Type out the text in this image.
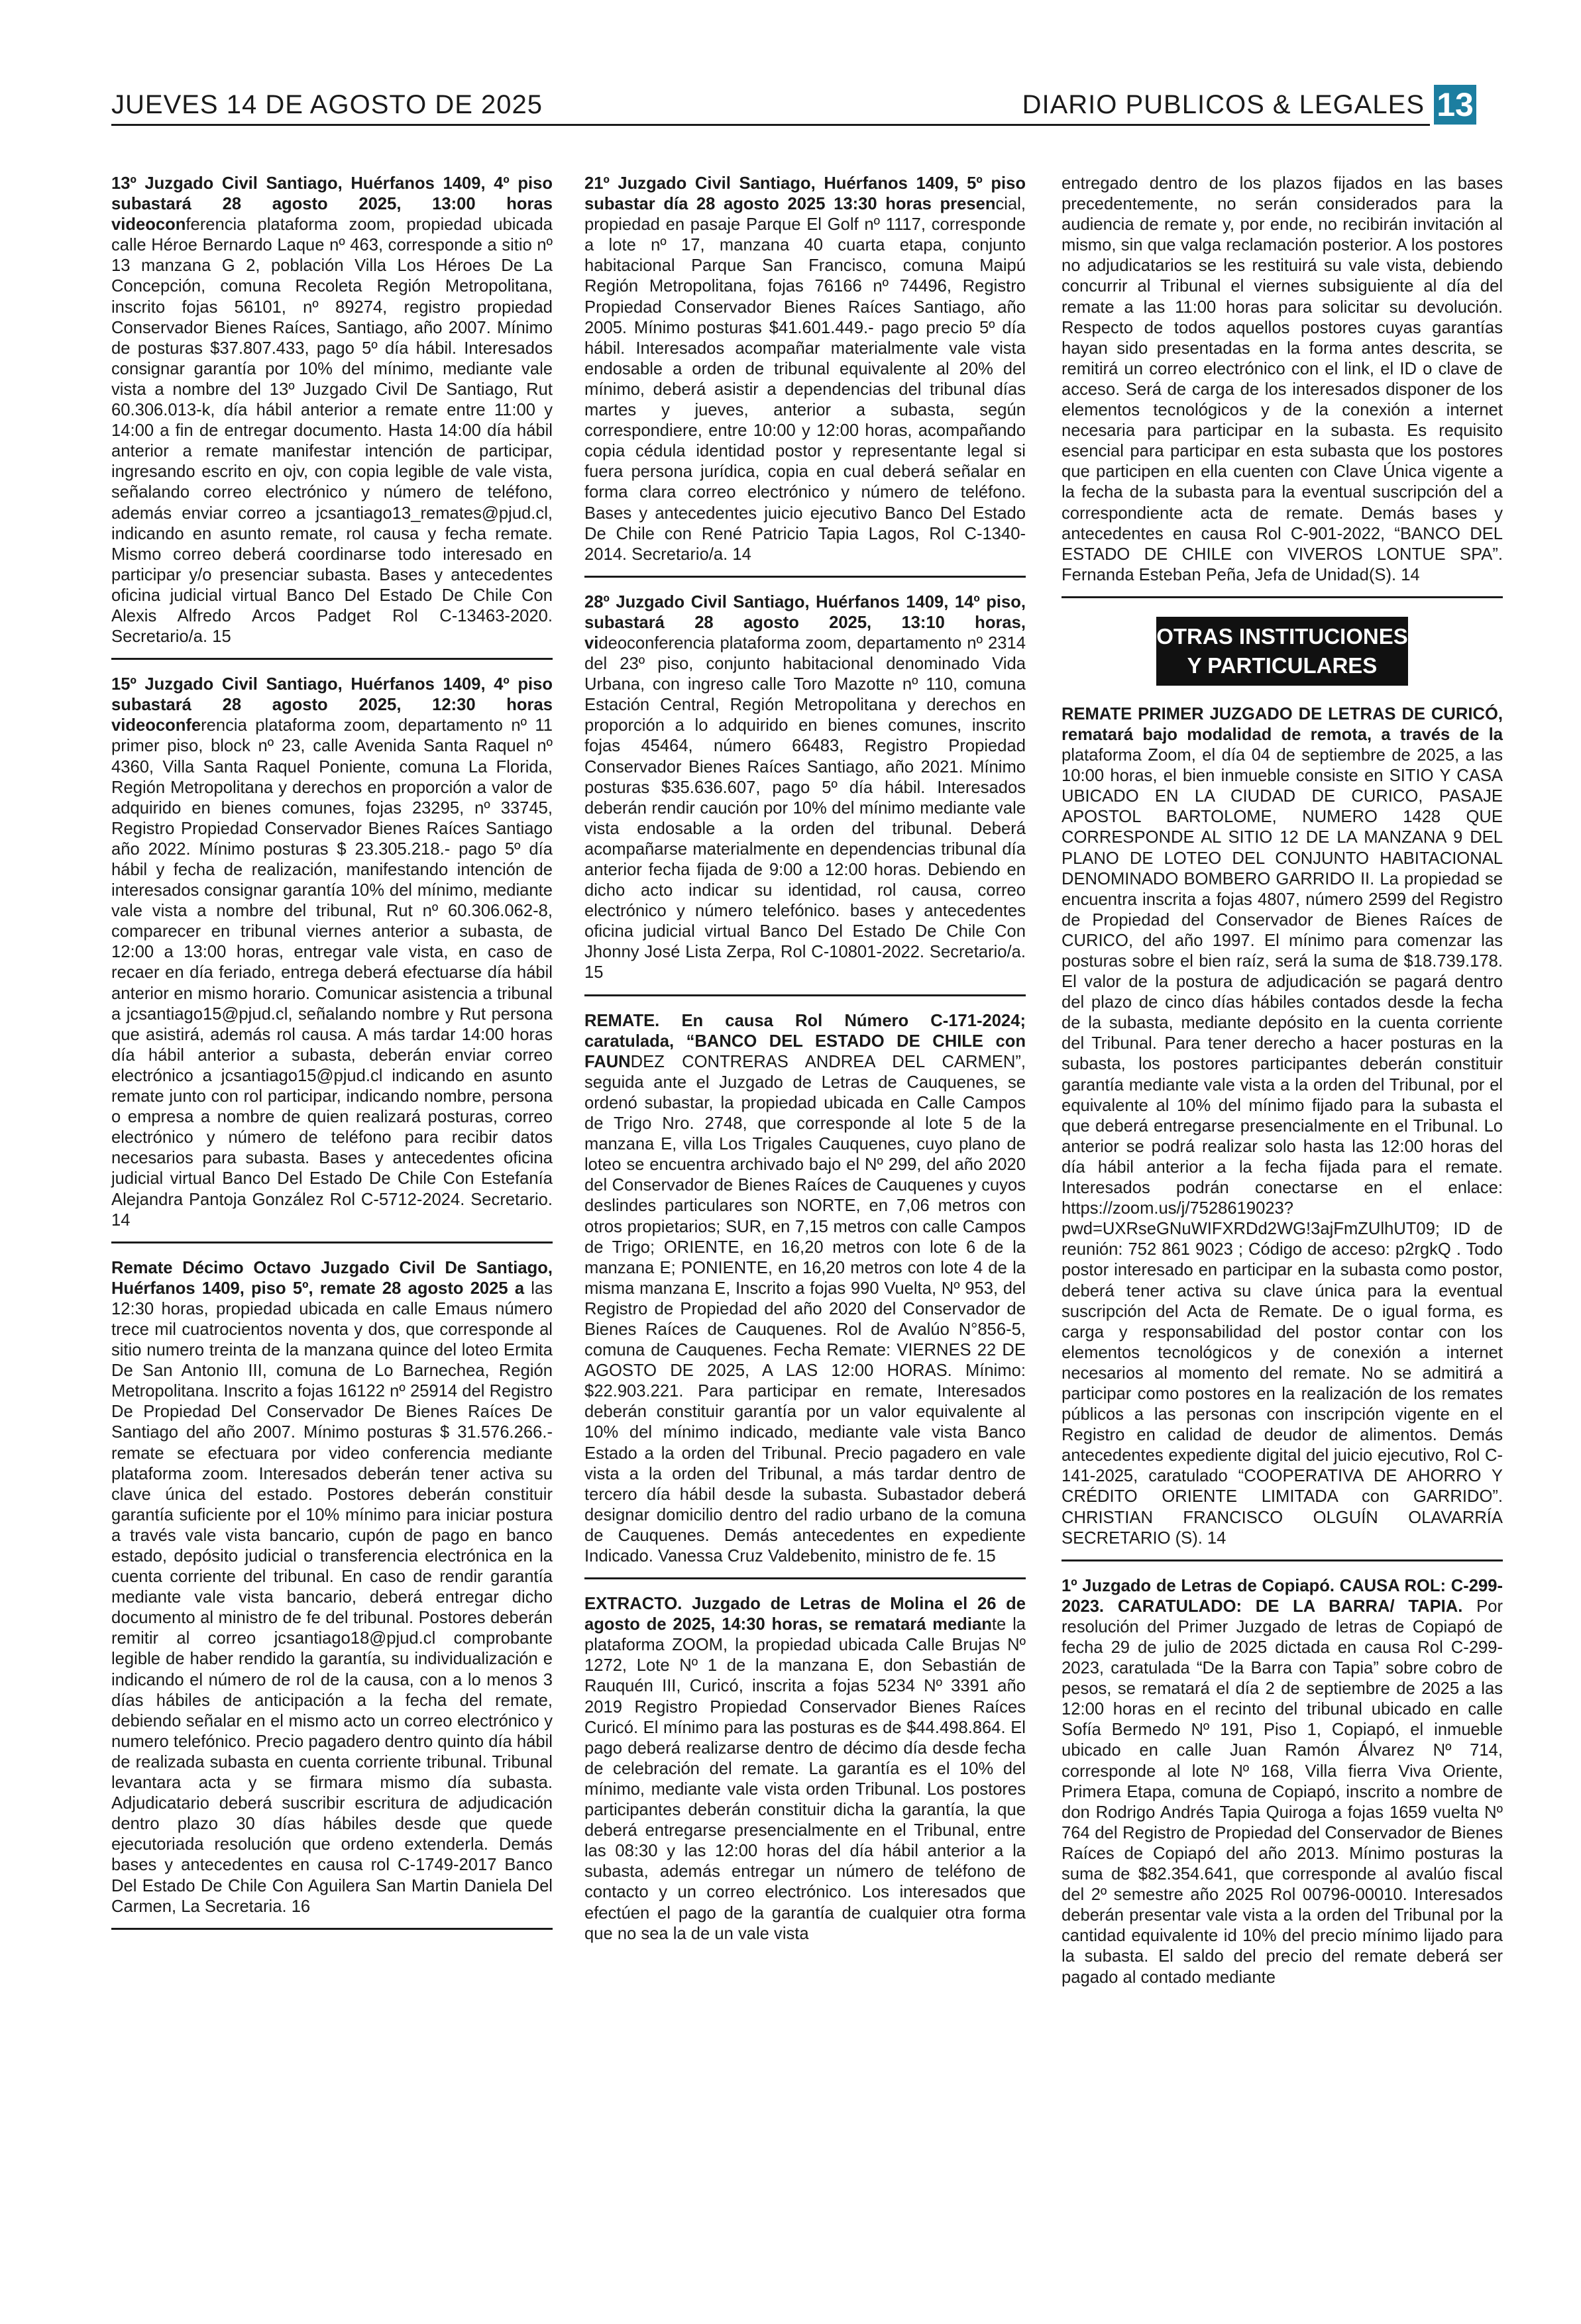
JUEVES 14 DE AGOSTO DE 2025	DIARIO PUBLICOS & LEGALES 13

13º Juzgado Civil Santiago, Huérfanos 1409, 4º piso subastará 28 agosto 2025, 13:00 horas videoconferencia plataforma zoom, propiedad ubicada calle Héroe Bernardo Laque nº 463, corresponde a sitio nº 13 manzana G 2, población Villa Los Héroes De La Concepción, comuna Recoleta Región Metropolitana, inscrito fojas 56101, nº 89274, registro propiedad Conservador Bienes Raíces, Santiago, año 2007. Mínimo de posturas $37.807.433, pago 5º día hábil. Interesados consignar garantía por 10% del mínimo, mediante vale vista a nombre del 13º Juzgado Civil De Santiago, Rut 60.306.013-k, día hábil anterior a remate entre 11:00 y 14:00 a fin de entregar documento. Hasta 14:00 día hábil anterior a remate manifestar intención de participar, ingresando escrito en ojv, con copia legible de vale vista, señalando correo electrónico y número de teléfono, además enviar correo a jcsantiago13_remates@pjud.cl, indicando en asunto remate, rol causa y fecha remate. Mismo correo deberá coordinarse todo interesado en participar y/o presenciar subasta. Bases y antecedentes oficina judicial virtual Banco Del Estado De Chile Con Alexis Alfredo Arcos Padget Rol C-13463-2020. Secretario/a. 15

15º Juzgado Civil Santiago, Huérfanos 1409, 4º piso subastará 28 agosto 2025, 12:30 horas videoconferencia plataforma zoom, departamento nº 11 primer piso, block nº 23, calle Avenida Santa Raquel nº 4360, Villa Santa Raquel Poniente, comuna La Florida, Región Metropolitana y derechos en proporción a valor de adquirido en bienes comunes, fojas 23295, nº 33745, Registro Propiedad Conservador Bienes Raíces Santiago año 2022. Mínimo posturas $ 23.305.218.- pago 5º día hábil y fecha de realización, manifestando intención de interesados consignar garantía 10% del mínimo, mediante vale vista a nombre del tribunal, Rut nº 60.306.062-8, comparecer en tribunal viernes anterior a subasta, de 12:00 a 13:00 horas, entregar vale vista, en caso de recaer en día feriado, entrega deberá efectuarse día hábil anterior en mismo horario. Comunicar asistencia a tribunal a jcsantiago15@pjud.cl, señalando nombre y Rut persona que asistirá, además rol causa. A más tardar 14:00 horas día hábil anterior a subasta, deberán enviar correo electrónico a jcsantiago15@pjud.cl indicando en asunto remate junto con rol participar, indicando nombre, persona o empresa a nombre de quien realizará posturas, correo electrónico y número de teléfono para recibir datos necesarios para subasta. Bases y antecedentes oficina judicial virtual Banco Del Estado De Chile Con Estefanía Alejandra Pantoja González Rol C-5712-2024. Secretario. 14

Remate Décimo Octavo Juzgado Civil De Santiago, Huérfanos 1409, piso 5º, remate 28 agosto 2025 a las 12:30 horas, propiedad ubicada en calle Emaus número trece mil cuatrocientos noventa y dos, que corresponde al sitio numero treinta de la manzana quince del loteo Ermita De San Antonio III, comuna de Lo Barnechea, Región Metropolitana. Inscrito a fojas 16122 nº 25914 del Registro De Propiedad Del Conservador De Bienes Raíces De Santiago del año 2007. Mínimo posturas $ 31.576.266.- remate se efectuara por video conferencia mediante plataforma zoom. Interesados deberán tener activa su clave única del estado. Postores deberán constituir garantía suficiente por el 10% mínimo para iniciar postura a través vale vista bancario, cupón de pago en banco estado, depósito judicial o transferencia electrónica en la cuenta corriente del tribunal. En caso de rendir garantía mediante vale vista bancario, deberá entregar dicho documento al ministro de fe del tribunal. Postores deberán remitir al correo jcsantiago18@pjud.cl comprobante legible de haber rendido la garantía, su individualización e indicando el número de rol de la causa, con a lo menos 3 días hábiles de anticipación a la fecha del remate, debiendo señalar en el mismo acto un correo electrónico y numero telefónico. Precio pagadero dentro quinto día hábil de realizada subasta en cuenta corriente tribunal. Tribunal levantara acta y se firmara mismo día subasta. Adjudicatario deberá suscribir escritura de adjudicación dentro plazo 30 días hábiles desde que quede ejecutoriada resolución que ordeno extenderla. Demás bases y antecedentes en causa rol C-1749-2017 Banco Del Estado De Chile Con Aguilera San Martin Daniela Del Carmen, La Secretaria. 16

21º Juzgado Civil Santiago, Huérfanos 1409, 5º piso subastar día 28 agosto 2025 13:30 horas presencial, propiedad en pasaje Parque El Golf nº 1117, corresponde a lote nº 17, manzana 40 cuarta etapa, conjunto habitacional Parque San Francisco, comuna Maipú Región Metropolitana, fojas 76166 nº 74496, Registro Propiedad Conservador Bienes Raíces Santiago, año 2005. Mínimo posturas $41.601.449.- pago precio 5º día hábil. Interesados acompañar materialmente vale vista endosable a orden de tribunal equivalente al 20% del mínimo, deberá asistir a dependencias del tribunal días martes y jueves, anterior a subasta, según correspondiere, entre 10:00 y 12:00 horas, acompañando copia cédula identidad postor y representante legal si fuera persona jurídica, copia en cual deberá señalar en forma clara correo electrónico y número de teléfono. Bases y antecedentes juicio ejecutivo Banco Del Estado De Chile con René Patricio Tapia Lagos, Rol C-1340-2014. Secretario/a. 14

28º Juzgado Civil Santiago, Huérfanos 1409, 14º piso, subastará 28 agosto 2025, 13:10 horas, videoconferencia plataforma zoom, departamento nº 2314 del 23º piso, conjunto habitacional denominado Vida Urbana, con ingreso calle Toro Mazotte nº 110, comuna Estación Central, Región Metropolitana y derechos en proporción a lo adquirido en bienes comunes, inscrito fojas 45464, número 66483, Registro Propiedad Conservador Bienes Raíces Santiago, año 2021. Mínimo posturas $35.636.607, pago 5º día hábil. Interesados deberán rendir caución por 10% del mínimo mediante vale vista endosable a la orden del tribunal. Deberá acompañarse materialmente en dependencias tribunal día anterior fecha fijada de 9:00 a 12:00 horas. Debiendo en dicho acto indicar su identidad, rol causa, correo electrónico y número telefónico. bases y antecedentes oficina judicial virtual Banco Del Estado De Chile Con Jhonny José Lista Zerpa, Rol C-10801-2022. Secretario/a. 15

REMATE. En causa Rol Número C-171-2024; caratulada, “BANCO DEL ESTADO DE CHILE con FAUNDEZ CONTRERAS ANDREA DEL CARMEN”, seguida ante el Juzgado de Letras de Cauquenes, se ordenó subastar, la propiedad ubicada en Calle Campos de Trigo Nro. 2748, que corresponde al lote 5 de la manzana E, villa Los Trigales Cauquenes, cuyo plano de loteo se encuentra archivado bajo el Nº 299, del año 2020 del Conservador de Bienes Raíces de Cauquenes y cuyos deslindes particulares son NORTE, en 7,06 metros con otros propietarios; SUR, en 7,15 metros con calle Campos de Trigo; ORIENTE, en 16,20 metros con lote 6 de la manzana E; PONIENTE, en 16,20 metros con lote 4 de la misma manzana E, Inscrito a fojas 990 Vuelta, Nº 953, del Registro de Propiedad del año 2020 del Conservador de Bienes Raíces de Cauquenes. Rol de Avalúo N°856-5, comuna de Cauquenes. Fecha Remate: VIERNES 22 DE AGOSTO DE 2025, A LAS 12:00 HORAS. Mínimo: $22.903.221. Para participar en remate, Interesados deberán constituir garantía por un valor equivalente al 10% del mínimo indicado, mediante vale vista Banco Estado a la orden del Tribunal. Precio pagadero en vale vista a la orden del Tribunal, a más tardar dentro de tercero día hábil desde la subasta. Subastador deberá designar domicilio dentro del radio urbano de la comuna de Cauquenes. Demás antecedentes en expediente Indicado. Vanessa Cruz Valdebenito, ministro de fe. 15

EXTRACTO. Juzgado de Letras de Molina el 26 de agosto de 2025, 14:30 horas, se rematará mediante la plataforma ZOOM, la propiedad ubicada Calle Brujas Nº 1272, Lote Nº 1 de la manzana E, don Sebastián de Rauquén III, Curicó, inscrita a fojas 5234 Nº 3391 año 2019 Registro Propiedad Conservador Bienes Raíces Curicó. El mínimo para las posturas es de $44.498.864. El pago deberá realizarse dentro de décimo día desde fecha de celebración del remate. La garantía es el 10% del mínimo, mediante vale vista orden Tribunal. Los postores participantes deberán constituir dicha la garantía, la que deberá entregarse presencialmente en el Tribunal, entre las 08:30 y las 12:00 horas del día hábil anterior a la subasta, además entregar un número de teléfono de contacto y un correo electrónico. Los interesados que efectúen el pago de la garantía de cualquier otra forma que no sea la de un vale vista

entregado dentro de los plazos fijados en las bases precedentemente, no serán considerados para la audiencia de remate y, por ende, no recibirán invitación al mismo, sin que valga reclamación posterior. A los postores no adjudicatarios se les restituirá su vale vista, debiendo concurrir al Tribunal el viernes subsiguiente al día del remate a las 11:00 horas para solicitar su devolución. Respecto de todos aquellos postores cuyas garantías hayan sido presentadas en la forma antes descrita, se remitirá un correo electrónico con el link, el ID o clave de acceso. Será de carga de los interesados disponer de los elementos tecnológicos y de la conexión a internet necesaria para participar en la subasta. Es requisito esencial para participar en esta subasta que los postores que participen en ella cuenten con Clave Única vigente a la fecha de la subasta para la eventual suscripción del a correspondiente acta de remate. Demás bases y antecedentes en causa Rol C-901-2022, “BANCO DEL ESTADO DE CHILE con VIVEROS LONTUE SPA”. Fernanda Esteban Peña, Jefa de Unidad(S). 14

OTRAS INSTITUCIONES
Y PARTICULARES

REMATE PRIMER JUZGADO DE LETRAS DE CURICÓ, rematará bajo modalidad de remota, a través de la plataforma Zoom, el día 04 de septiembre de 2025, a las 10:00 horas, el bien inmueble consiste en SITIO Y CASA UBICADO EN LA CIUDAD DE CURICO, PASAJE APOSTOL BARTOLOME, NUMERO 1428 QUE CORRESPONDE AL SITIO 12 DE LA MANZANA 9 DEL PLANO DE LOTEO DEL CONJUNTO HABITACIONAL DENOMINADO BOMBERO GARRIDO II. La propiedad se encuentra inscrita a fojas 4807, número 2599 del Registro de Propiedad del Conservador de Bienes Raíces de CURICO, del año 1997. El mínimo para comenzar las posturas sobre el bien raíz, será la suma de $18.739.178. El valor de la postura de adjudicación se pagará dentro del plazo de cinco días hábiles contados desde la fecha de la subasta, mediante depósito en la cuenta corriente del Tribunal. Para tener derecho a hacer posturas en la subasta, los postores participantes deberán constituir garantía mediante vale vista a la orden del Tribunal, por el equivalente al 10% del mínimo fijado para la subasta el que deberá entregarse presencialmente en el Tribunal. Lo anterior se podrá realizar solo hasta las 12:00 horas del día hábil anterior a la fecha fijada para el remate. Interesados podrán conectarse en el enlace: https://zoom.us/j/7528619023?pwd=UXRseGNuWIFXRDd2WG!3ajFmZUlhUT09; ID de reunión: 752 861 9023 ; Código de acceso: p2rgkQ . Todo postor interesado en participar en la subasta como postor, deberá tener activa su clave única para la eventual suscripción del Acta de Remate. De o igual forma, es carga y responsabilidad del postor contar con los elementos tecnológicos y de conexión a internet necesarios al momento del remate. No se admitirá a participar como postores en la realización de los remates públicos a las personas con inscripción vigente en el Registro en calidad de deudor de alimentos. Demás antecedentes expediente digital del juicio ejecutivo, Rol C-141-2025, caratulado “COOPERATIVA DE AHORRO Y CRÉDITO ORIENTE LIMITADA con GARRIDO”. CHRISTIAN FRANCISCO OLGUÍN OLAVARRÍA SECRETARIO (S). 14

1º Juzgado de Letras de Copiapó. CAUSA ROL: C-299-2023. CARATULADO: DE LA BARRA/ TAPIA. Por resolución del Primer Juzgado de letras de Copiapó de fecha 29 de julio de 2025 dictada en causa Rol C-299-2023, caratulada “De la Barra con Tapia” sobre cobro de pesos, se rematará el día 2 de septiembre de 2025 a las 12:00 horas en el recinto del tribunal ubicado en calle Sofía Bermedo Nº 191, Piso 1, Copiapó, el inmueble ubicado en calle Juan Ramón Álvarez Nº 714, corresponde al lote Nº 168, Villa fierra Viva Oriente, Primera Etapa, comuna de Copiapó, inscrito a nombre de don Rodrigo Andrés Tapia Quiroga a fojas 1659 vuelta Nº 764 del Registro de Propiedad del Conservador de Bienes Raíces de Copiapó del año 2013. Mínimo posturas la suma de $82.354.641, que corresponde al avalúo fiscal del 2º semestre año 2025 Rol 00796-00010. Interesados deberán presentar vale vista a la orden del Tribunal por la cantidad equivalente id 10% del precio mínimo lijado para la subasta. El saldo del precio del remate deberá ser pagado al contado mediante
